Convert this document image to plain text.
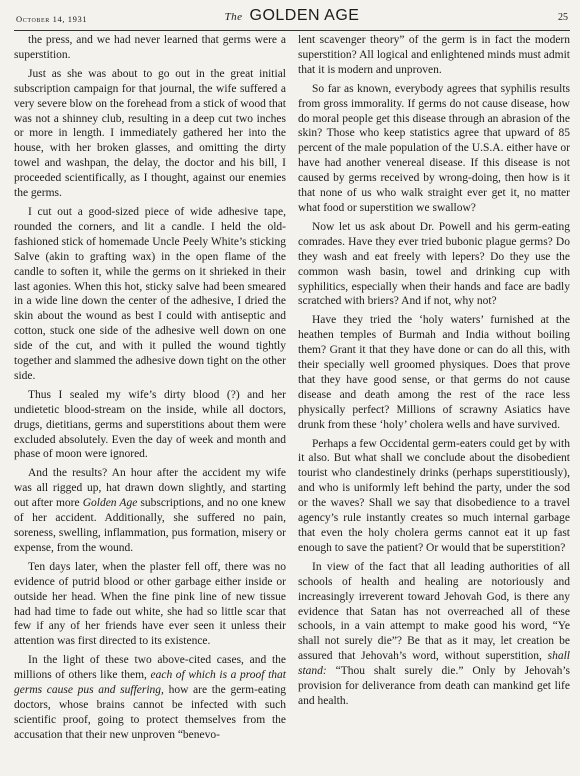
October 14, 1931	The GOLDEN AGE	25

the press, and we had never learned that germs were a superstition.

Just as she was about to go out in the great initial subscription campaign for that journal, the wife suffered a very severe blow on the forehead from a stick of wood that was not a shinney club, resulting in a deep cut two inches or more in length. I immediately gathered her into the house, with her broken glasses, and omitting the dirty towel and washpan, the delay, the doctor and his bill, I proceeded scientifically, as I thought, against our enemies the germs.

I cut out a good-sized piece of wide adhesive tape, rounded the corners, and lit a candle. I held the old-fashioned stick of homemade Uncle Peely White’s sticking Salve (akin to grafting wax) in the open flame of the candle to soften it, while the germs on it shrieked in their last agonies. When this hot, sticky salve had been smeared in a wide line down the center of the adhesive, I dried the skin about the wound as best I could with antiseptic and cotton, stuck one side of the adhesive well down on one side of the cut, and with it pulled the wound tightly together and slammed the adhesive down tight on the other side.

Thus I sealed my wife’s dirty blood (?) and her undietetic blood-stream on the inside, while all doctors, drugs, dietitians, germs and superstitions about them were excluded absolutely. Even the day of week and month and phase of moon were ignored.

And the results? An hour after the accident my wife was all rigged up, hat drawn down slightly, and starting out after more Golden Age subscriptions, and no one knew of her accident. Additionally, she suffered no pain, soreness, swelling, inflammation, pus formation, misery or expense, from the wound.

Ten days later, when the plaster fell off, there was no evidence of putrid blood or other garbage either inside or outside her head. When the fine pink line of new tissue had had time to fade out white, she had so little scar that few if any of her friends have ever seen it unless their attention was first directed to its existence.

In the light of these two above-cited cases, and the millions of others like them, each of which is a proof that germs cause pus and suffering, how are the germ-eating doctors, whose brains cannot be infected with such scientific proof, going to protect themselves from the accusation that their new unproven “benevo-

lent scavenger theory” of the germ is in fact the modern superstition? All logical and enlightened minds must admit that it is modern and unproven.

So far as known, everybody agrees that syphilis results from gross immorality. If germs do not cause disease, how do moral people get this disease through an abrasion of the skin? Those who keep statistics agree that upward of 85 percent of the male population of the U.S.A. either have or have had another venereal disease. If this disease is not caused by germs received by wrong-doing, then how is it that none of us who walk straight ever get it, no matter what food or superstition we swallow?

Now let us ask about Dr. Powell and his germ-eating comrades. Have they ever tried bubonic plague germs? Do they wash and eat freely with lepers? Do they use the common wash basin, towel and drinking cup with syphilitics, especially when their hands and face are badly scratched with briers? And if not, why not?

Have they tried the ‘holy waters’ furnished at the heathen temples of Burmah and India without boiling them? Grant it that they have done or can do all this, with their specially well groomed physiques. Does that prove that they have good sense, or that germs do not cause disease and death among the rest of the race less physically perfect? Millions of scrawny Asiatics have drunk from these ‘holy’ cholera wells and have survived.

Perhaps a few Occidental germ-eaters could get by with it also. But what shall we conclude about the disobedient tourist who clandestinely drinks (perhaps superstitiously), and who is uniformly left behind the party, under the sod or the waves? Shall we say that disobedience to a travel agency’s rule instantly creates so much internal garbage that even the holy cholera germs cannot eat it up fast enough to save the patient? Or would that be superstition?

In view of the fact that all leading authorities of all schools of health and healing are notoriously and increasingly irreverent toward Jehovah God, is there any evidence that Satan has not overreached all of these schools, in a vain attempt to make good his word, “Ye shall not surely die”? Be that as it may, let creation be assured that Jehovah’s word, without superstition, shall stand: “Thou shalt surely die.” Only by Jehovah’s provision for deliverance from death can mankind get life and health.
